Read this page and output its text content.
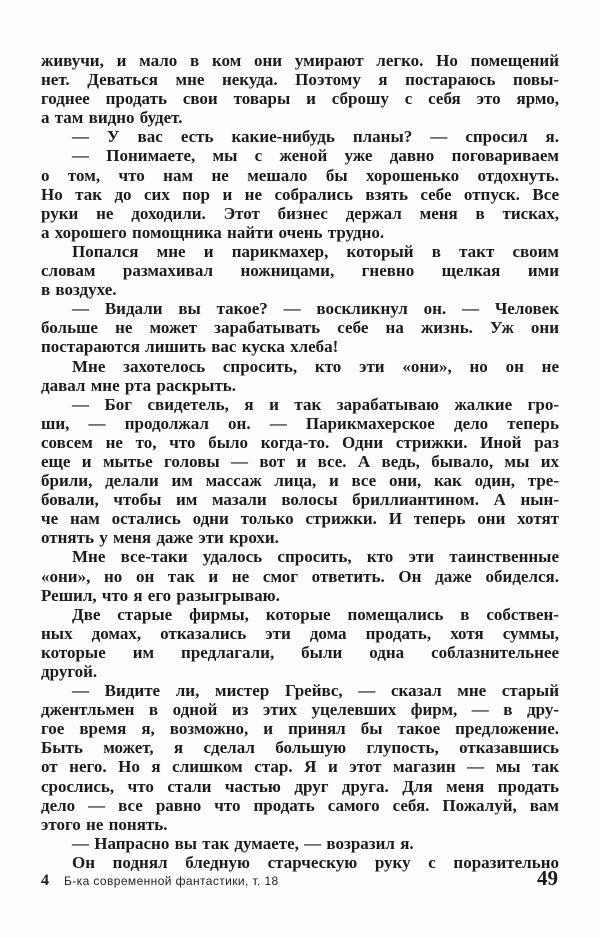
живучи, и мало в ком они умирают легко. Но помещений
нет. Деваться мне некуда. Поэтому я постараюсь повы-
годнее продать свои товары и сброшу с себя это ярмо,
а там видно будет.
— У вас есть какие-нибудь планы? — спросил я.
— Понимаете, мы с женой уже давно поговариваем
о том, что нам не мешало бы хорошенько отдохнуть.
Но так до сих пор и не собрались взять себе отпуск. Все
руки не доходили. Этот бизнес держал меня в тисках,
а хорошего помощника найти очень трудно.
Попался мне и парикмахер, который в такт своим
словам размахивал ножницами, гневно щелкая ими
в воздухе.
— Видали вы такое? — воскликнул он. — Человек
больше не может зарабатывать себе на жизнь. Уж они
постараются лишить вас куска хлеба!
Мне захотелось спросить, кто эти «они», но он не
давал мне рта раскрыть.
— Бог свидетель, я и так зарабатываю жалкие гро-
ши, — продолжал он. — Парикмахерское дело теперь
совсем не то, что было когда-то. Одни стрижки. Иной раз
еще и мытье головы — вот и все. А ведь, бывало, мы их
брили, делали им массаж лица, и все они, как один, тре-
бовали, чтобы им мазали волосы бриллиантином. А нын-
че нам остались одни только стрижки. И теперь они хотят
отнять у меня даже эти крохи.
Мне все-таки удалось спросить, кто эти таинственные
«они», но он так и не смог ответить. Он даже обиделся.
Решил, что я его разыгрываю.
Две старые фирмы, которые помещались в собствен-
ных домах, отказались эти дома продать, хотя суммы,
которые им предлагали, были одна соблазнительнее
другой.
— Видите ли, мистер Грейвс, — сказал мне старый
джентльмен в одной из этих уцелевших фирм, — в дру-
гое время я, возможно, и принял бы такое предложение.
Быть может, я сделал большую глупость, отказавшись
от него. Но я слишком стар. Я и этот магазин — мы так
срослись, что стали частью друг друга. Для меня продать
дело — все равно что продать самого себя. Пожалуй, вам
этого не понять.
— Напрасно вы так думаете, — возразил я.
Он поднял бледную старческую руку с поразительно
4 Б-ка современной фантастики, т. 18	49
